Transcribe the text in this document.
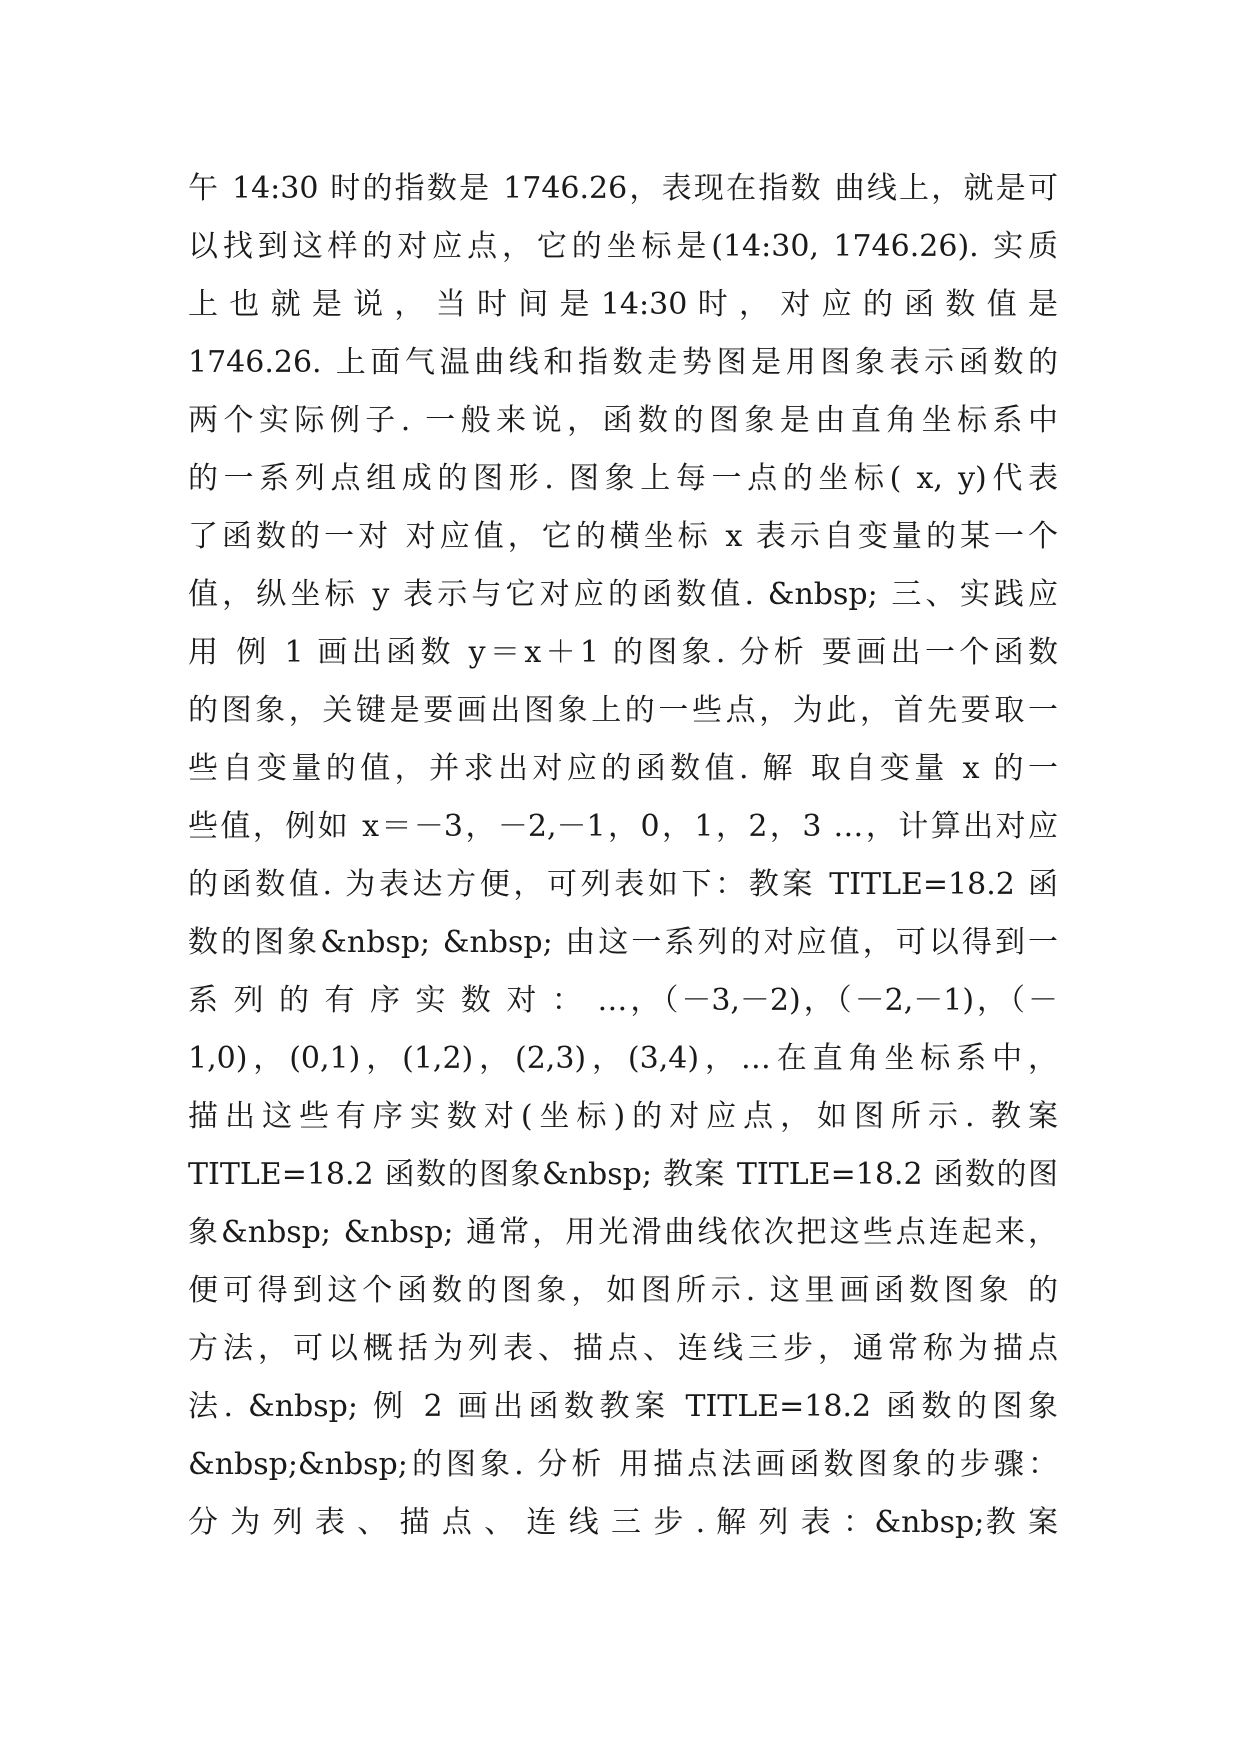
午 14:30 时的指数是 1746.26，表现在指数 曲线上，就是可
以找到这样的对应点，它的坐标是(14:30, 1746.26). 实质
上 也 就 是 说 ， 当 时 间 是 14:30 时 ， 对 应 的 函 数 值 是
1746.26. 上面气温曲线和指数走势图是用图象表示函数的
两个实际例子. 一般来说，函数的图象是由直角坐标系中
的一系列点组成的图形. 图象上每一点的坐标( x, y)代表
了函数的一对 对应值，它的横坐标 x 表示自变量的某一个
值，纵坐标 y 表示与它对应的函数值. &nbsp; 三、实践应
用 例 1 画出函数 y＝x＋1 的图象. 分析 要画出一个函数
的图象，关键是要画出图象上的一些点，为此，首先要取一
些自变量的值，并求出对应的函数值. 解 取自变量 x 的一
些值，例如 x＝－3，－2,－1，0，1，2，3 …，计算出对应
的函数值. 为表达方便，可列表如下：教案 TITLE=18.2 函
数的图象&nbsp; &nbsp; 由这一系列的对应值，可以得到一
系 列 的 有 序 实 数 对 ： …，（－3,－2)，（－2,－1)，（－
1,0)，(0,1)，(1,2)，(2,3)，(3,4)，…在直角坐标系中，
描出这些有序实数对(坐标)的对应点，如图所示. 教案
TITLE=18.2 函数的图象&nbsp; 教案 TITLE=18.2 函数的图
象&nbsp; &nbsp; 通常，用光滑曲线依次把这些点连起来，
便可得到这个函数的图象，如图所示. 这里画函数图象 的
方法，可以概括为列表、描点、连线三步，通常称为描点
法. &nbsp; 例 2 画出函数教案 TITLE=18.2 函数的图象
&nbsp;&nbsp;的图象. 分析 用描点法画函数图象的步骤：
分 为 列 表 、 描 点 、 连 线 三 步 . 解 列 表 ：&nbsp;教 案
